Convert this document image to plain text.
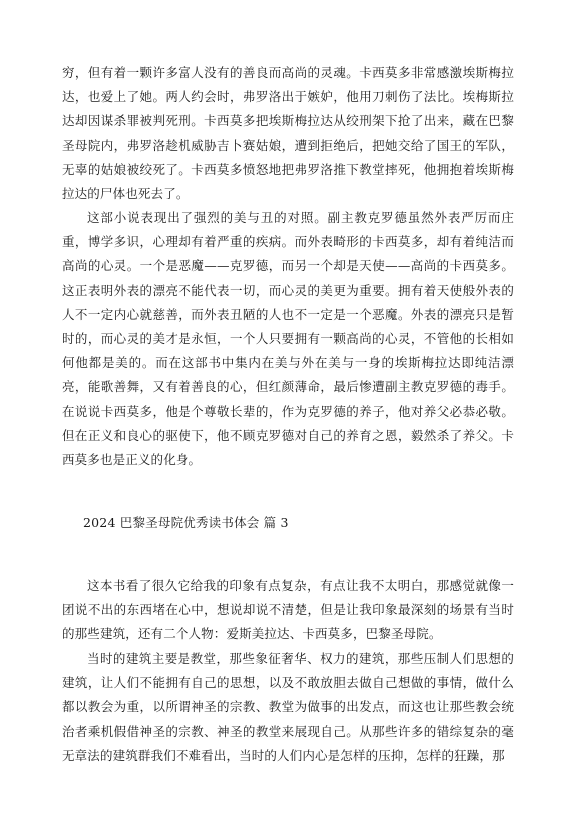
穷，但有着一颗许多富人没有的善良而高尚的灵魂。卡西莫多非常感激埃斯梅拉达，也爱上了她。两人约会时，弗罗洛出于嫉妒，他用刀刺伤了法比。埃梅斯拉达却因谋杀罪被判死刑。卡西莫多把埃斯梅拉达从绞刑架下抢了出来，藏在巴黎圣母院内，弗罗洛趁机威胁吉卜赛姑娘，遭到拒绝后，把她交给了国王的军队，无辜的姑娘被绞死了。卡西莫多愤怒地把弗罗洛推下教堂摔死，他拥抱着埃斯梅拉达的尸体也死去了。

这部小说表现出了强烈的美与丑的对照。副主教克罗德虽然外表严厉而庄重，博学多识，心理却有着严重的疾病。而外表畸形的卡西莫多，却有着纯洁而高尚的心灵。一个是恶魔——克罗德，而另一个却是天使——高尚的卡西莫多。这正表明外表的漂亮不能代表一切，而心灵的美更为重要。拥有着天使般外表的人不一定内心就慈善，而外表丑陋的人也不一定是一个恶魔。外表的漂亮只是暂时的，而心灵的美才是永恒，一个人只要拥有一颗高尚的心灵，不管他的长相如何他都是美的。而在这部书中集内在美与外在美与一身的埃斯梅拉达即纯洁漂亮，能歌善舞，又有着善良的心，但红颜薄命，最后惨遭副主教克罗德的毒手。在说说卡西莫多，他是个尊敬长辈的，作为克罗德的养子，他对养父必恭必敬。但在正义和良心的驱使下，他不顾克罗德对自己的养育之恩，毅然杀了养父。卡西莫多也是正义的化身。

2024 巴黎圣母院优秀读书体会 篇 3

这本书看了很久它给我的印象有点复杂，有点让我不太明白，那感觉就像一团说不出的东西堵在心中，想说却说不清楚，但是让我印象最深刻的场景有当时的那些建筑，还有二个人物：爱斯美拉达、卡西莫多，巴黎圣母院。

当时的建筑主要是教堂，那些象征奢华、权力的建筑，那些压制人们思想的建筑，让人们不能拥有自己的思想，以及不敢放胆去做自己想做的事情，做什么都以教会为重，以所谓神圣的宗教、教堂为做事的出发点，而这也让那些教会统治者乘机假借神圣的宗教、神圣的教堂来展现自己。从那些许多的错综复杂的毫无章法的建筑群我们不难看出，当时的人们内心是怎样的压抑，怎样的狂躁，那
